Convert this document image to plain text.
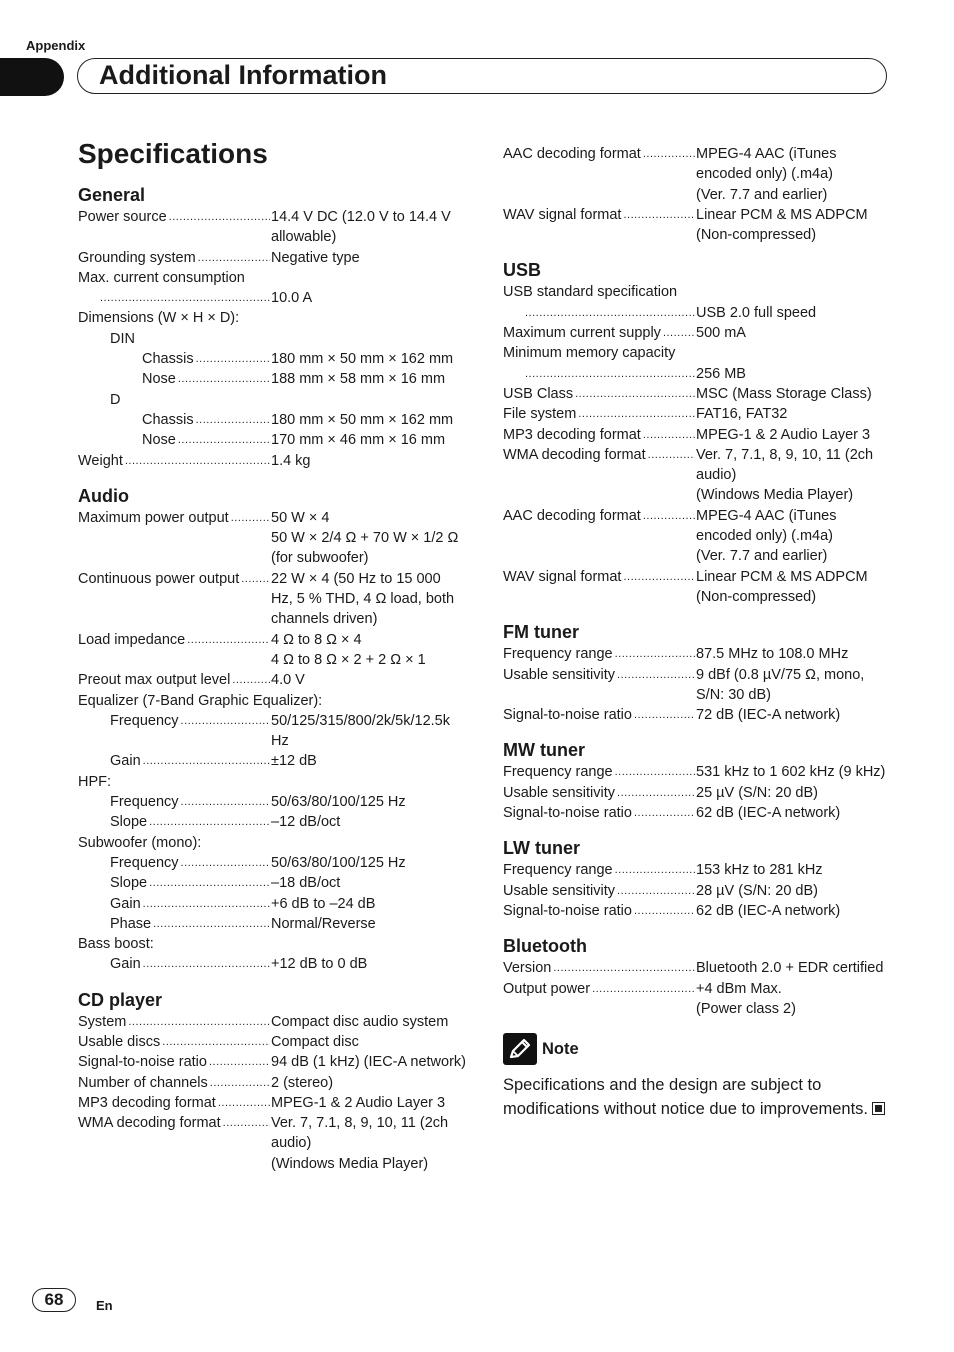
Appendix
Additional Information
Specifications
General
Power source .....	14.4 V DC (12.0 V to 14.4 V allowable)
Grounding system .....	Negative type
Max. current consumption
.....
10.0 A
Dimensions (W × H × D):
DIN
Chassis .....	180 mm × 50 mm × 162 mm
Nose .....	188 mm × 58 mm × 16 mm
D
Chassis .....	180 mm × 50 mm × 162 mm
Nose .....	170 mm × 46 mm × 16 mm
Weight .....	1.4 kg
Audio
Maximum power output .....	50 W × 4
50 W × 2/4 Ω + 70 W × 1/2 Ω (for subwoofer)
Continuous power output ..... 22 W × 4 (50 Hz to 15 000 Hz, 5 % THD, 4 Ω load, both channels driven)
Load impedance .....	4 Ω to 8 Ω × 4
4 Ω to 8 Ω × 2 + 2 Ω × 1
Preout max output level .....	4.0 V
Equalizer (7-Band Graphic Equalizer):
Frequency .....	50/125/315/800/2k/5k/12.5k Hz
Gain .....	±12 dB
HPF:
Frequency .....	50/63/80/100/125 Hz
Slope .....	–12 dB/oct
Subwoofer (mono):
Frequency .....	50/63/80/100/125 Hz
Slope .....	–18 dB/oct
Gain .....	+6 dB to –24 dB
Phase .....	Normal/Reverse
Bass boost:
Gain .....	+12 dB to 0 dB
CD player
System .....	Compact disc audio system
Usable discs .....	Compact disc
Signal-to-noise ratio .....	94 dB (1 kHz) (IEC-A network)
Number of channels .....	2 (stereo)
MP3 decoding format .....	MPEG-1 & 2 Audio Layer 3
WMA decoding format .....	Ver. 7, 7.1, 8, 9, 10, 11 (2ch audio)
(Windows Media Player)
AAC decoding format .....	MPEG-4 AAC (iTunes encoded only) (.m4a)
(Ver. 7.7 and earlier)
WAV signal format .....	Linear PCM & MS ADPCM (Non-compressed)
USB
USB standard specification
.....
USB 2.0 full speed
Maximum current supply ..... 500 mA
Minimum memory capacity
.....
256 MB
USB Class .....	MSC (Mass Storage Class)
File system .....	FAT16, FAT32
MP3 decoding format .....	MPEG-1 & 2 Audio Layer 3
WMA decoding format .....	Ver. 7, 7.1, 8, 9, 10, 11 (2ch audio)
(Windows Media Player)
AAC decoding format .....	MPEG-4 AAC (iTunes encoded only) (.m4a)
(Ver. 7.7 and earlier)
WAV signal format .....	Linear PCM & MS ADPCM (Non-compressed)
FM tuner
Frequency range .....	87.5 MHz to 108.0 MHz
Usable sensitivity .....	9 dBf (0.8 µV/75 Ω, mono, S/N: 30 dB)
Signal-to-noise ratio .....	72 dB (IEC-A network)
MW tuner
Frequency range .....	531 kHz to 1 602 kHz (9 kHz)
Usable sensitivity .....	25 µV (S/N: 20 dB)
Signal-to-noise ratio .....	62 dB (IEC-A network)
LW tuner
Frequency range .....	153 kHz to 281 kHz
Usable sensitivity .....	28 µV (S/N: 20 dB)
Signal-to-noise ratio .....	62 dB (IEC-A network)
Bluetooth
Version .....	Bluetooth 2.0 + EDR certified
Output power .....	+4 dBm Max.
(Power class 2)
Note
Specifications and the design are subject to modifications without notice due to improvements.
68	En
